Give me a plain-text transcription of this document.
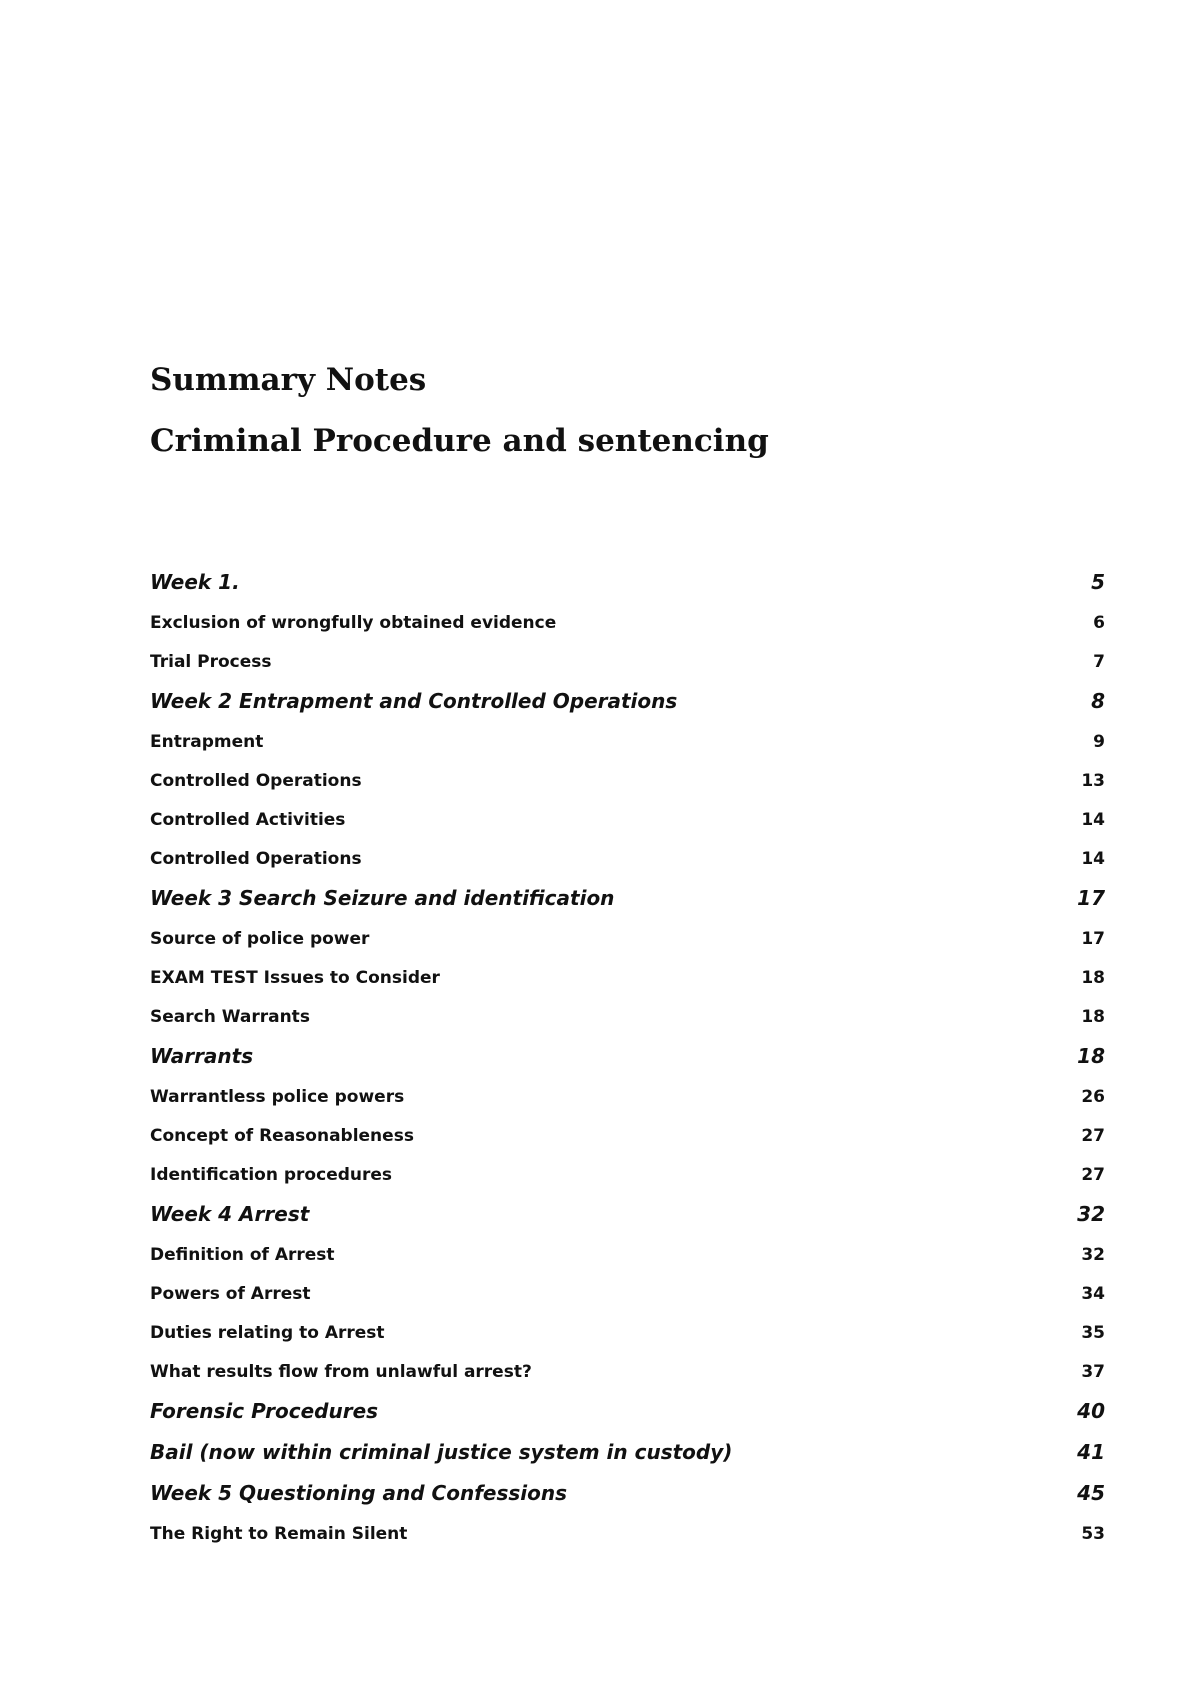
Summary Notes
Criminal Procedure and sentencing
Week 1.	5
Exclusion of wrongfully obtained evidence	6
Trial Process	7
Week 2 Entrapment and Controlled Operations	8
Entrapment	9
Controlled Operations	13
Controlled Activities	14
Controlled Operations	14
Week 3 Search Seizure and identification	17
Source of police power	17
EXAM TEST Issues to Consider	18
Search Warrants	18
Warrants	18
Warrantless police powers	26
Concept of Reasonableness	27
Identification procedures	27
Week 4 Arrest	32
Definition of Arrest	32
Powers of Arrest	34
Duties relating to Arrest	35
What results flow from unlawful arrest?	37
Forensic Procedures	40
Bail (now within criminal justice system in custody)	41
Week 5 Questioning and Confessions	45
The Right to Remain Silent	53
